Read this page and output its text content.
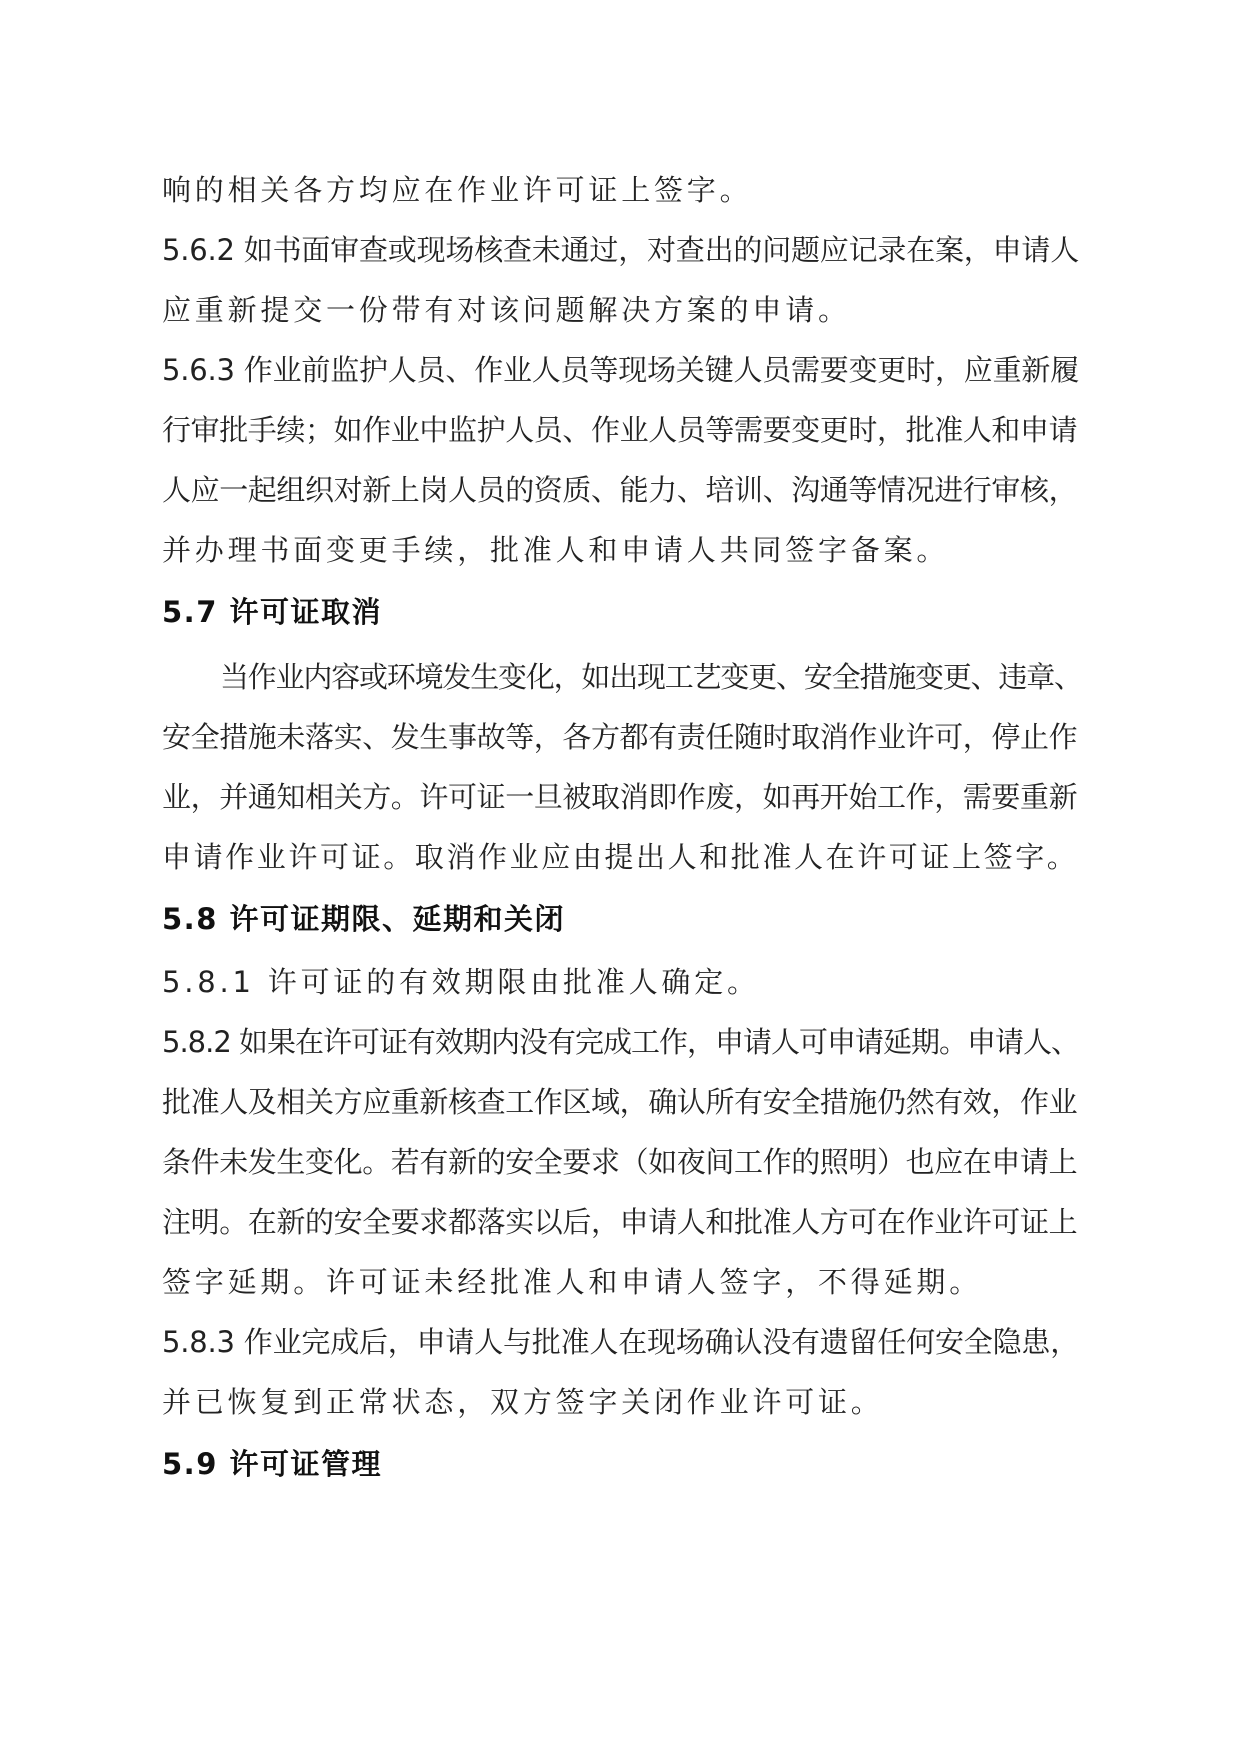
响的相关各方均应在作业许可证上签字。
5.6.2 如书面审查或现场核查未通过，对查出的问题应记录在案，申请人
应重新提交一份带有对该问题解决方案的申请。
5.6.3 作业前监护人员、作业人员等现场关键人员需要变更时，应重新履
行审批手续；如作业中监护人员、作业人员等需要变更时，批准人和申请
人应一起组织对新上岗人员的资质、能力、培训、沟通等情况进行审核，
并办理书面变更手续，批准人和申请人共同签字备案。
5.7 许可证取消
当作业内容或环境发生变化，如出现工艺变更、安全措施变更、违章、
安全措施未落实、发生事故等，各方都有责任随时取消作业许可，停止作
业，并通知相关方。许可证一旦被取消即作废，如再开始工作，需要重新
申请作业许可证。取消作业应由提出人和批准人在许可证上签字。
5.8 许可证期限、延期和关闭
5.8.1 许可证的有效期限由批准人确定。
5.8.2 如果在许可证有效期内没有完成工作，申请人可申请延期。申请人、
批准人及相关方应重新核查工作区域，确认所有安全措施仍然有效，作业
条件未发生变化。若有新的安全要求（如夜间工作的照明）也应在申请上
注明。在新的安全要求都落实以后，申请人和批准人方可在作业许可证上
签字延期。许可证未经批准人和申请人签字，不得延期。
5.8.3 作业完成后，申请人与批准人在现场确认没有遗留任何安全隐患，
并已恢复到正常状态，双方签字关闭作业许可证。
5.9 许可证管理
